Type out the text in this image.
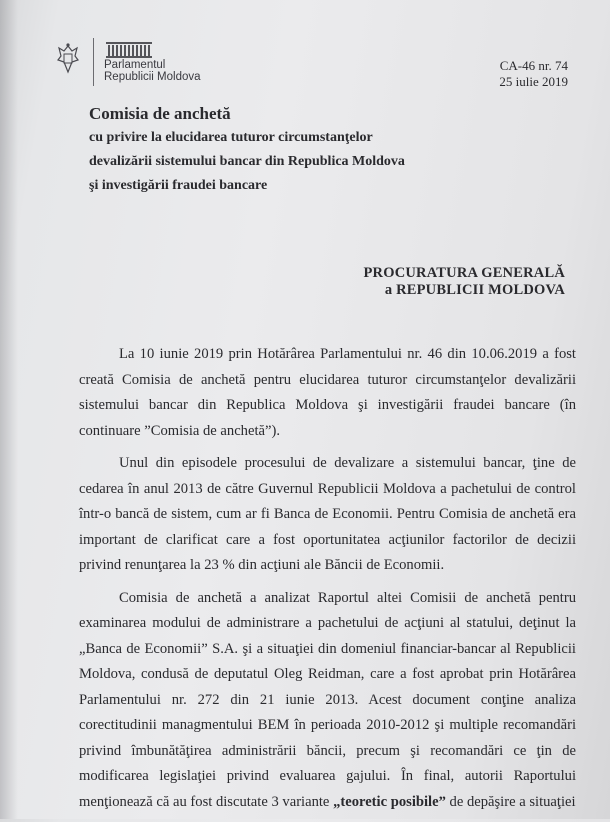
Parlamentul
Republicii Moldova
CA-46 nr. 74
25 iulie 2019
Comisia de anchetă
cu privire la elucidarea tuturor circumstanţelor
devalizării sistemului bancar din Republica Moldova
şi investigării fraudei bancare
PROCURATURA GENERALĂ
a REPUBLICII MOLDOVA

La 10 iunie 2019 prin Hotărârea Parlamentului nr. 46 din 10.06.2019 a fost creată Comisia de anchetă pentru elucidarea tuturor circumstanţelor devalizării sistemului bancar din Republica Moldova şi investigării fraudei bancare (în continuare ”Comisia de anchetă”).

Unul din episodele procesului de devalizare a sistemului bancar, ţine de cedarea în anul 2013 de către Guvernul Republicii Moldova a pachetului de control într-o bancă de sistem, cum ar fi Banca de Economii. Pentru Comisia de anchetă era important de clarificat care a fost oportunitatea acţiunilor factorilor de decizii privind renunţarea la 23 % din acţiuni ale Băncii de Economii.

Comisia de anchetă a analizat Raportul altei Comisii de anchetă pentru examinarea modului de administrare a pachetului de acţiuni al statului, deţinut la „Banca de Economii” S.A. şi a situaţiei din domeniul financiar-bancar al Republicii Moldova, condusă de deputatul Oleg Reidman, care a fost aprobat prin Hotărârea Parlamentului nr. 272 din 21 iunie 2013. Acest document conţine analiza corectitudinii managmentului BEM în perioada 2010-2012 şi multiple recomandări privind îmbunătăţirea administrării băncii, precum şi recomandări ce ţin de modificarea legislaţiei privind evaluarea gajului. În final, autorii Raportului menţionează că au fost discutate 3 variante „teoretic posibile” de depăşire a situaţiei
